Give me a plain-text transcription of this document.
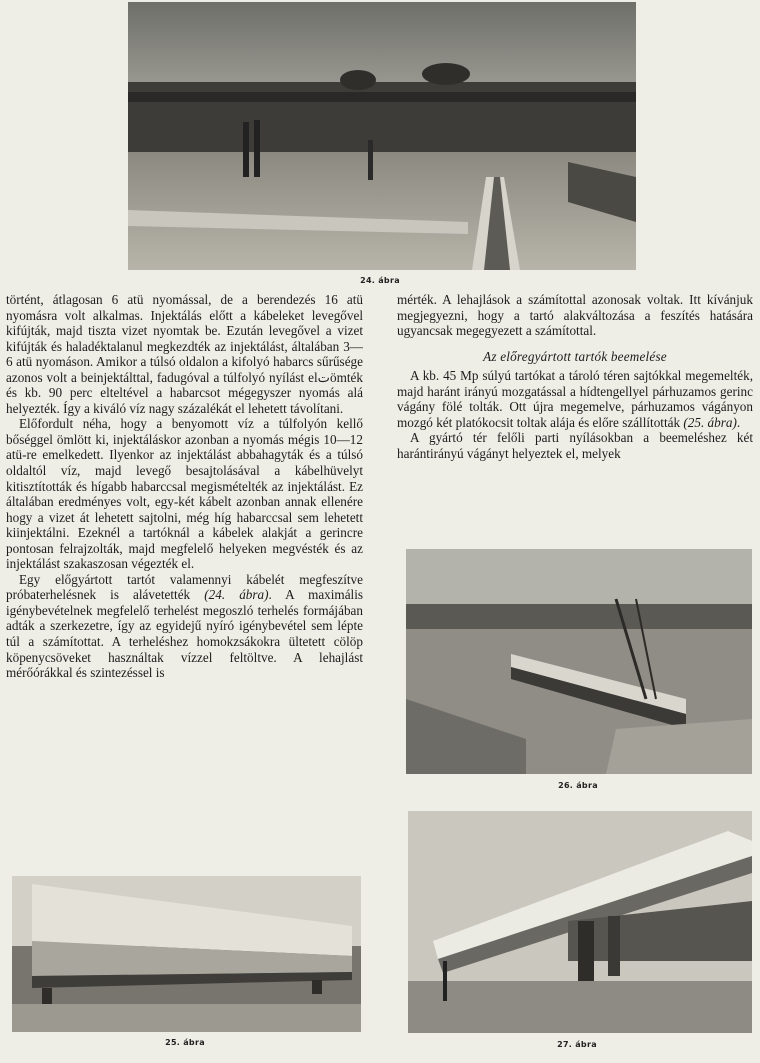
24. ábra

történt, átlagosan 6 atü nyomással, de a berendezés 16 atü nyomásra volt alkalmas. Injektálás előtt a kábeleket levegővel kifújták, majd tiszta vizet nyomtak be. Ezután levegővel a vizet kifújták és haladéktalanul megkezdték az injektálást, általában 3—6 atü nyomáson. Amikor a túlsó oldalon a kifolyó habarcs sűrűsége azonos volt a beinjektálttal, fadugóval a túlfolyó nyílást elتömték és kb. 90 perc elteltével a habarcsot mégegyszer nyomás alá helyezték. Így a kiváló víz nagy százalékát el lehetett távolítani.

Előfordult néha, hogy a benyomott víz a túlfolyón kellő bőséggel ömlött ki, injektáláskor azonban a nyomás mégis 10—12 atü-re emelkedett. Ilyenkor az injektálást abbahagyták és a túlsó oldaltól víz, majd levegő besajtolásával a kábelhüvelyt kitisztították és hígabb habarccsal megismételték az injektálást. Ez általában eredményes volt, egy-két kábelt azonban annak ellenére hogy a vizet át lehetett sajtolni, még híg habarccsal sem lehetett kiinjektálni. Ezeknél a tartóknál a kábelek alakját a gerincre pontosan felrajzolták, majd megfelelő helyeken megvésték és az injektálást szakaszosan végezték el.

Egy előgyártott tartót valamennyi kábelét megfeszítve próbaterhelésnek is alávetették (24. ábra). A maximális igénybevételnek megfelelő terhelést megoszló terhelés formájában adták a szerkezetre, így az egyidejű nyíró igénybevétel sem lépte túl a számítottat. A terheléshez homokzsákokra ültetett cölöp köpenycsöveket használtak vízzel feltöltve. A lehajlást mérőórákkal és szintezéssel is

mérték. A lehajlások a számítottal azonosak voltak. Itt kívánjuk megjegyezni, hogy a tartó alakváltozása a feszítés hatására ugyancsak megegyezett a számítottal.

Az előregyártott tartók beemelése

A kb. 45 Mp súlyú tartókat a tároló téren sajtókkal megemelték, majd haránt irányú mozgatással a hídtengellyel párhuzamos gerinc vágány fölé tolták. Ott újra megemelve, párhuzamos vágányon mozgó két platókocsit toltak alája és előre szállították (25. ábra).

A gyártó tér felőli parti nyílásokban a beemeléshez két harántirányú vágányt helyeztek el, melyek

26. ábra
25. ábra	27. ábra
